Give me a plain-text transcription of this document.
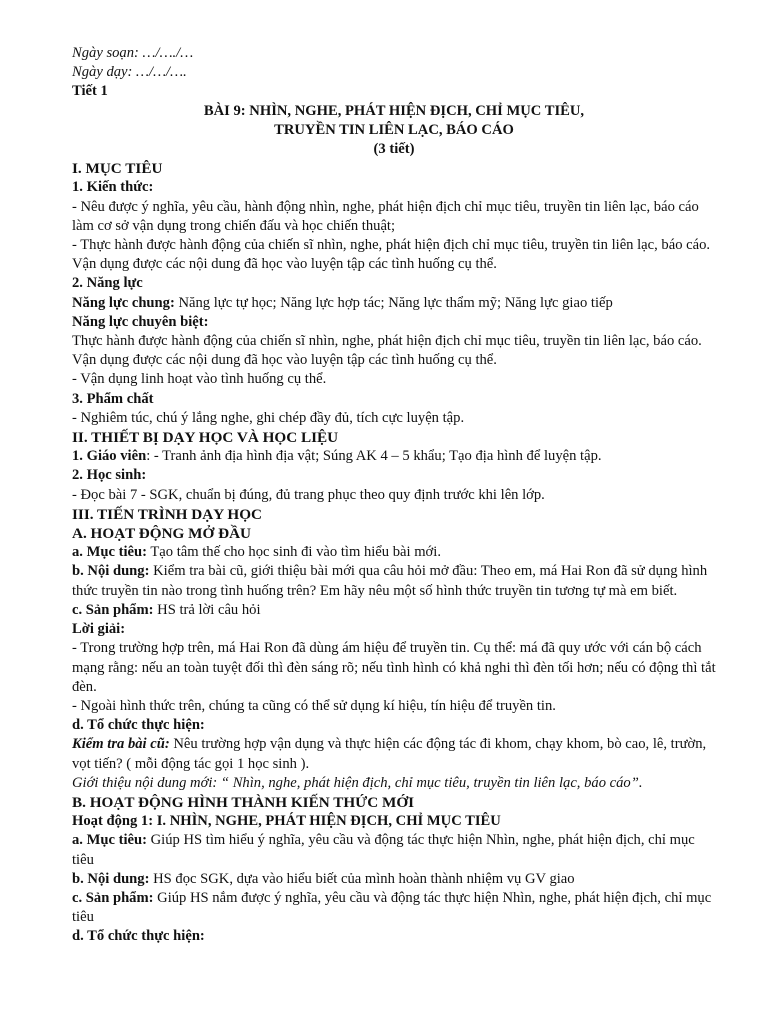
Ngày soạn: …/…./…

Ngày dạy: …/…/….

Tiết 1

BÀI 9: NHÌN, NGHE, PHÁT HIỆN ĐỊCH, CHỈ MỤC TIÊU,

TRUYỀN TIN LIÊN LẠC, BÁO CÁO

(3 tiết)

I. MỤC TIÊU

1. Kiến thức:

- Nêu được ý nghĩa, yêu cầu, hành động nhìn, nghe, phát hiện địch chỉ mục tiêu, truyền tin liên lạc, báo cáo làm cơ sở vận dụng trong chiến đấu và học chiến thuật;

- Thực hành được hành động của chiến sĩ nhìn, nghe, phát hiện địch chỉ mục tiêu, truyền tin liên lạc, báo cáo. Vận dụng được các nội dung đã học vào luyện tập các tình huống cụ thể.

2. Năng lực

Năng lực chung: Năng lực tự học; Năng lực hợp tác; Năng lực thẩm mỹ; Năng lực giao tiếp

Năng lực chuyên biệt:

Thực hành được hành động của chiến sĩ nhìn, nghe, phát hiện địch chỉ mục tiêu, truyền tin liên lạc, báo cáo. Vận dụng được các nội dung đã học vào luyện tập các tình huống cụ thể.

- Vận dụng linh hoạt vào tình huống cụ thể.

3. Phẩm chất

- Nghiêm túc, chú ý lắng nghe, ghi chép đầy đủ, tích cực luyện tập.

II. THIẾT BỊ DẠY HỌC VÀ HỌC LIỆU

1. Giáo viên: - Tranh ảnh địa hình địa vật; Súng AK 4 – 5 khẩu; Tạo địa hình để luyện tập.

2. Học sinh:

- Đọc bài 7 - SGK, chuẩn bị đúng, đủ trang phục theo quy định trước khi lên lớp.

III. TIẾN TRÌNH DẠY HỌC

A. HOẠT ĐỘNG MỞ ĐẦU

a. Mục tiêu: Tạo tâm thế cho học sinh đi vào tìm hiểu bài mới.

b. Nội dung: Kiểm tra bài cũ, giới thiệu bài mới qua câu hỏi mở đầu: Theo em, má Hai Ron đã sử dụng hình thức truyền tin nào trong tình huống trên? Em hãy nêu một số hình thức truyền tin tương tự mà em biết.

c. Sản phẩm: HS trả lời câu hỏi

Lời giải:

- Trong trường hợp trên, má Hai Ron đã dùng ám hiệu để truyền tin. Cụ thể: má đã quy ước với cán bộ cách mạng rằng: nếu an toàn tuyệt đối thì đèn sáng rõ; nếu tình hình có khả nghi thì đèn tối hơn; nếu có động thì tắt đèn.

- Ngoài hình thức trên, chúng ta cũng có thể sử dụng kí hiệu, tín hiệu để truyền tin.

d. Tổ chức thực hiện:

Kiểm tra bài cũ: Nêu trường hợp vận dụng và thực hiện các động tác đi khom, chạy khom, bò cao, lê, trườn, vọt tiến? ( mỗi động tác gọi 1 học sinh ).

Giới thiệu nội dung mới: “ Nhìn, nghe, phát hiện địch, chỉ mục tiêu, truyền tin liên lạc, báo cáo”.

B. HOẠT ĐỘNG HÌNH THÀNH KIẾN THỨC MỚI

Hoạt động 1: I. NHÌN, NGHE, PHÁT HIỆN ĐỊCH, CHỈ MỤC TIÊU

a. Mục tiêu: Giúp HS tìm hiểu ý nghĩa, yêu cầu và động tác thực hiện Nhìn, nghe, phát hiện địch, chỉ mục tiêu

b. Nội dung: HS đọc SGK, dựa vào hiểu biết của mình hoàn thành nhiệm vụ GV giao

c. Sản phẩm: Giúp HS nắm được ý nghĩa, yêu cầu và động tác thực hiện Nhìn, nghe, phát hiện địch, chỉ mục tiêu

d. Tổ chức thực hiện:
